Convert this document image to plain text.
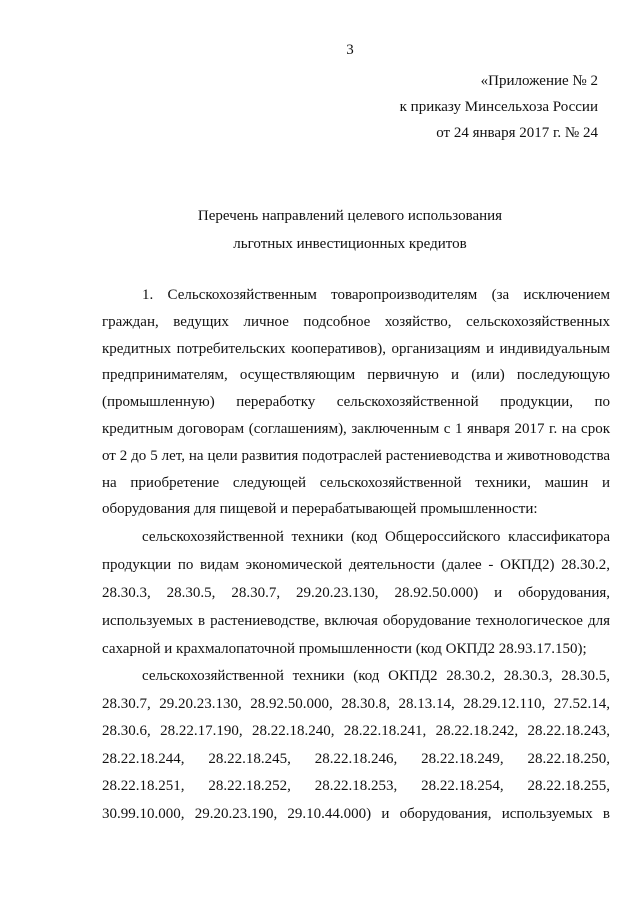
3
«Приложение № 2
к приказу Минсельхоза России
от 24 января 2017 г. № 24
Перечень направлений целевого использования
льготных инвестиционных кредитов

1. Сельскохозяйственным товаропроизводителям (за исключением граждан, ведущих личное подсобное хозяйство, сельскохозяйственных кредитных потребительских кооперативов), организациям и индивидуальным предпринимателям, осуществляющим первичную и (или) последующую (промышленную) переработку сельскохозяйственной продукции, по кредитным договорам (соглашениям), заключенным с 1 января 2017 г. на срок от 2 до 5 лет, на цели развития подотраслей растениеводства и животноводства на приобретение следующей сельскохозяйственной техники, машин и оборудования для пищевой и перерабатывающей промышленности:

сельскохозяйственной техники (код Общероссийского классификатора продукции по видам экономической деятельности (далее - ОКПД2) 28.30.2, 28.30.3, 28.30.5, 28.30.7, 29.20.23.130, 28.92.50.000) и оборудования, используемых в растениеводстве, включая оборудование технологическое для сахарной и крахмалопаточной промышленности (код ОКПД2 28.93.17.150);

сельскохозяйственной техники (код ОКПД2 28.30.2, 28.30.3, 28.30.5, 28.30.7, 29.20.23.130, 28.92.50.000, 28.30.8, 28.13.14, 28.29.12.110, 27.52.14, 28.30.6, 28.22.17.190, 28.22.18.240, 28.22.18.241, 28.22.18.242, 28.22.18.243, 28.22.18.244, 28.22.18.245, 28.22.18.246, 28.22.18.249, 28.22.18.250, 28.22.18.251, 28.22.18.252, 28.22.18.253, 28.22.18.254, 28.22.18.255, 30.99.10.000, 29.20.23.190, 29.10.44.000) и оборудования, используемых в
